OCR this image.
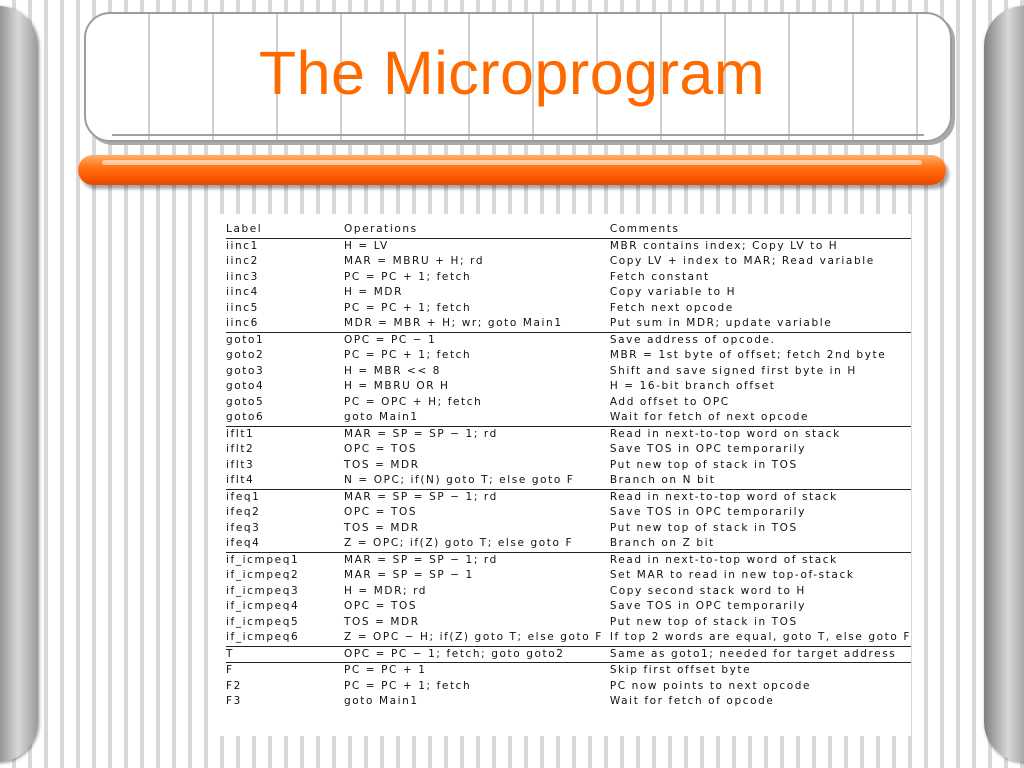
The Microprogram
Label	Operations	Comments
iinc1	H = LV	MBR contains index; Copy LV to H
iinc2	MAR = MBRU + H; rd	Copy LV + index to MAR; Read variable
iinc3	PC = PC + 1; fetch	Fetch constant
iinc4	H = MDR	Copy variable to H
iinc5	PC = PC + 1; fetch	Fetch next opcode
iinc6	MDR = MBR + H; wr; goto Main1	Put sum in MDR; update variable
goto1	OPC = PC − 1	Save address of opcode.
goto2	PC = PC + 1; fetch	MBR = 1st byte of offset; fetch 2nd byte
goto3	H = MBR << 8	Shift and save signed first byte in H
goto4	H = MBRU OR H	H = 16-bit branch offset
goto5	PC = OPC + H; fetch	Add offset to OPC
goto6	goto Main1	Wait for fetch of next opcode
iflt1	MAR = SP = SP − 1; rd	Read in next-to-top word on stack
iflt2	OPC = TOS	Save TOS in OPC temporarily
iflt3	TOS = MDR	Put new top of stack in TOS
iflt4	N = OPC; if(N) goto T; else goto F	Branch on N bit
ifeq1	MAR = SP = SP − 1; rd	Read in next-to-top word of stack
ifeq2	OPC = TOS	Save TOS in OPC temporarily
ifeq3	TOS = MDR	Put new top of stack in TOS
ifeq4	Z = OPC; if(Z) goto T; else goto F	Branch on Z bit
if_icmpeq1	MAR = SP = SP − 1; rd	Read in next-to-top word of stack
if_icmpeq2	MAR = SP = SP − 1	Set MAR to read in new top-of-stack
if_icmpeq3	H = MDR; rd	Copy second stack word to H
if_icmpeq4	OPC = TOS	Save TOS in OPC temporarily
if_icmpeq5	TOS = MDR	Put new top of stack in TOS
if_icmpeq6	Z = OPC − H; if(Z) goto T; else goto F	If top 2 words are equal, goto T, else goto F
T	OPC = PC − 1; fetch; goto goto2	Same as goto1; needed for target address
F	PC = PC + 1	Skip first offset byte
F2	PC = PC + 1; fetch	PC now points to next opcode
F3	goto Main1	Wait for fetch of opcode
